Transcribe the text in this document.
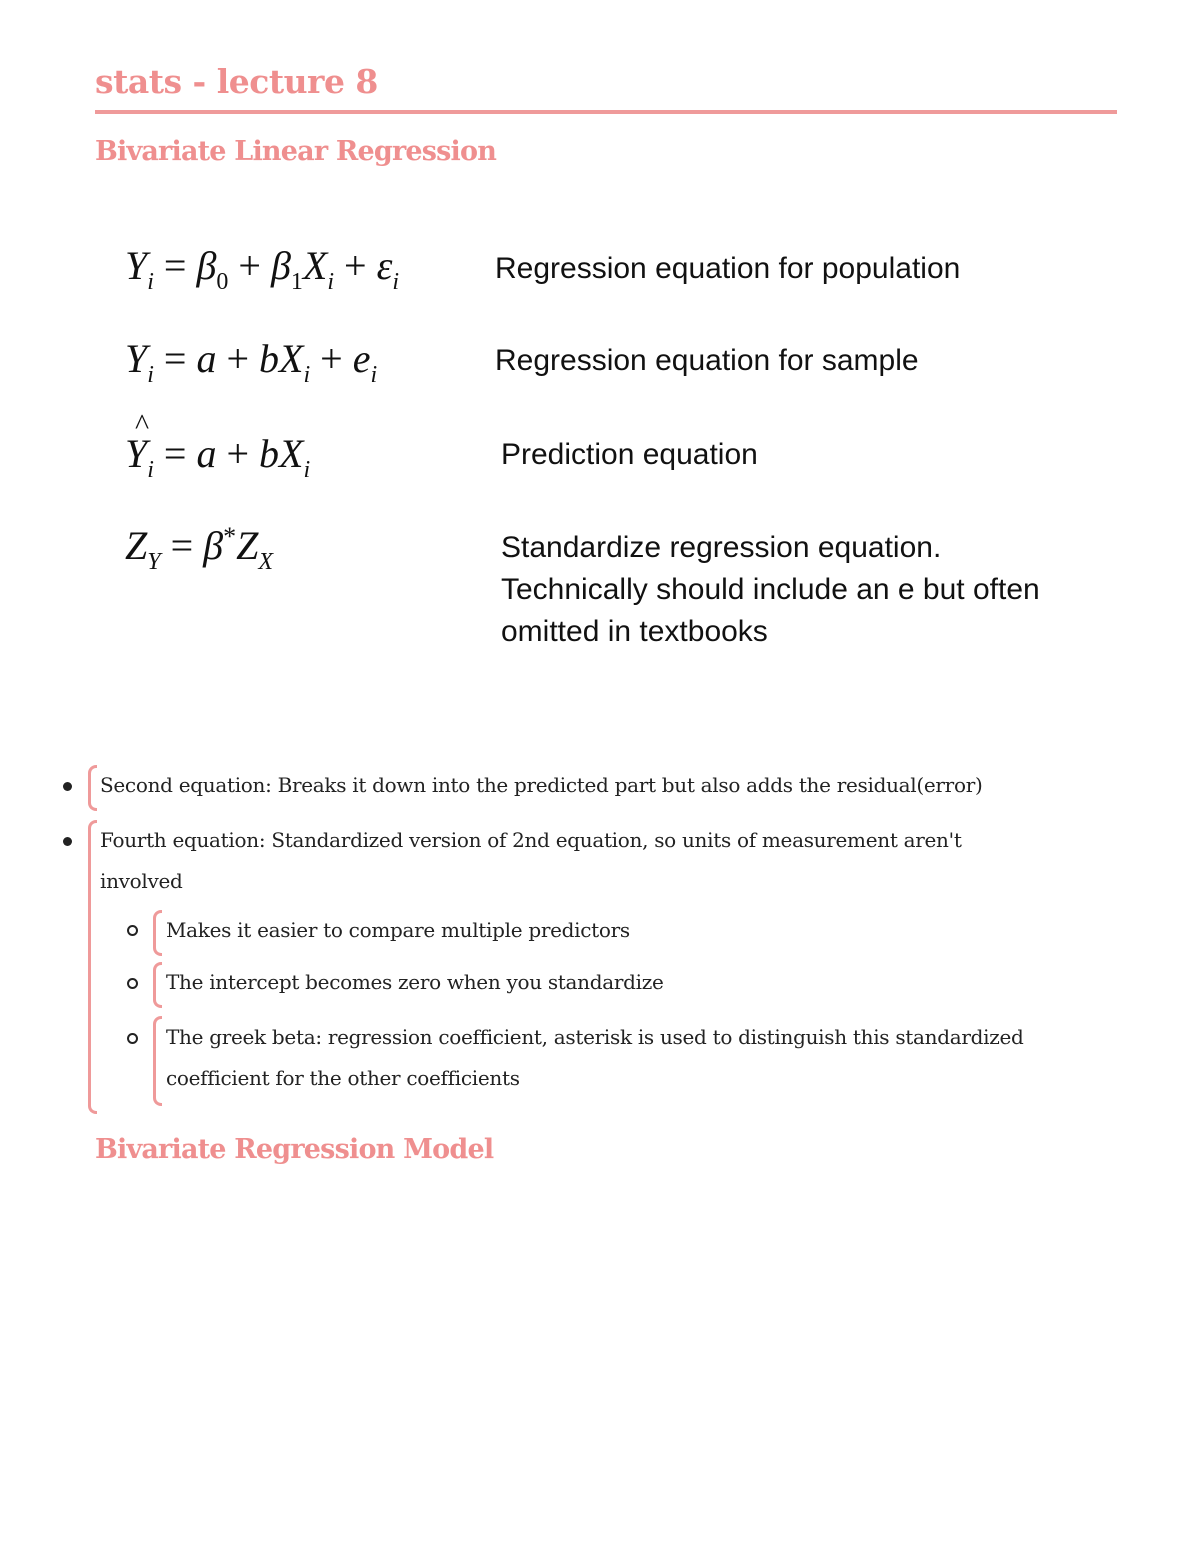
stats - lecture 8
Bivariate Linear Regression
$Y_i = \beta_0 + \beta_1X_i + \varepsilon_i$	Regression equation for population
$Y_i = a + bX_i + e_i$	Regression equation for sample
^ $Y_i = a + bX_i$	Prediction equation
$Z_Y = \beta^*Z_X$	Standardize regression equation.
Technically should include an e but often
omitted in textbooks
Second equation: Breaks it down into the predicted part but also adds the residual(error)
Fourth equation: Standardized version of 2nd equation, so units of measurement aren't
involved
Makes it easier to compare multiple predictors
The intercept becomes zero when you standardize
The greek beta: regression coefficient, asterisk is used to distinguish this standardized
coefficient for the other coefficients
Bivariate Regression Model
